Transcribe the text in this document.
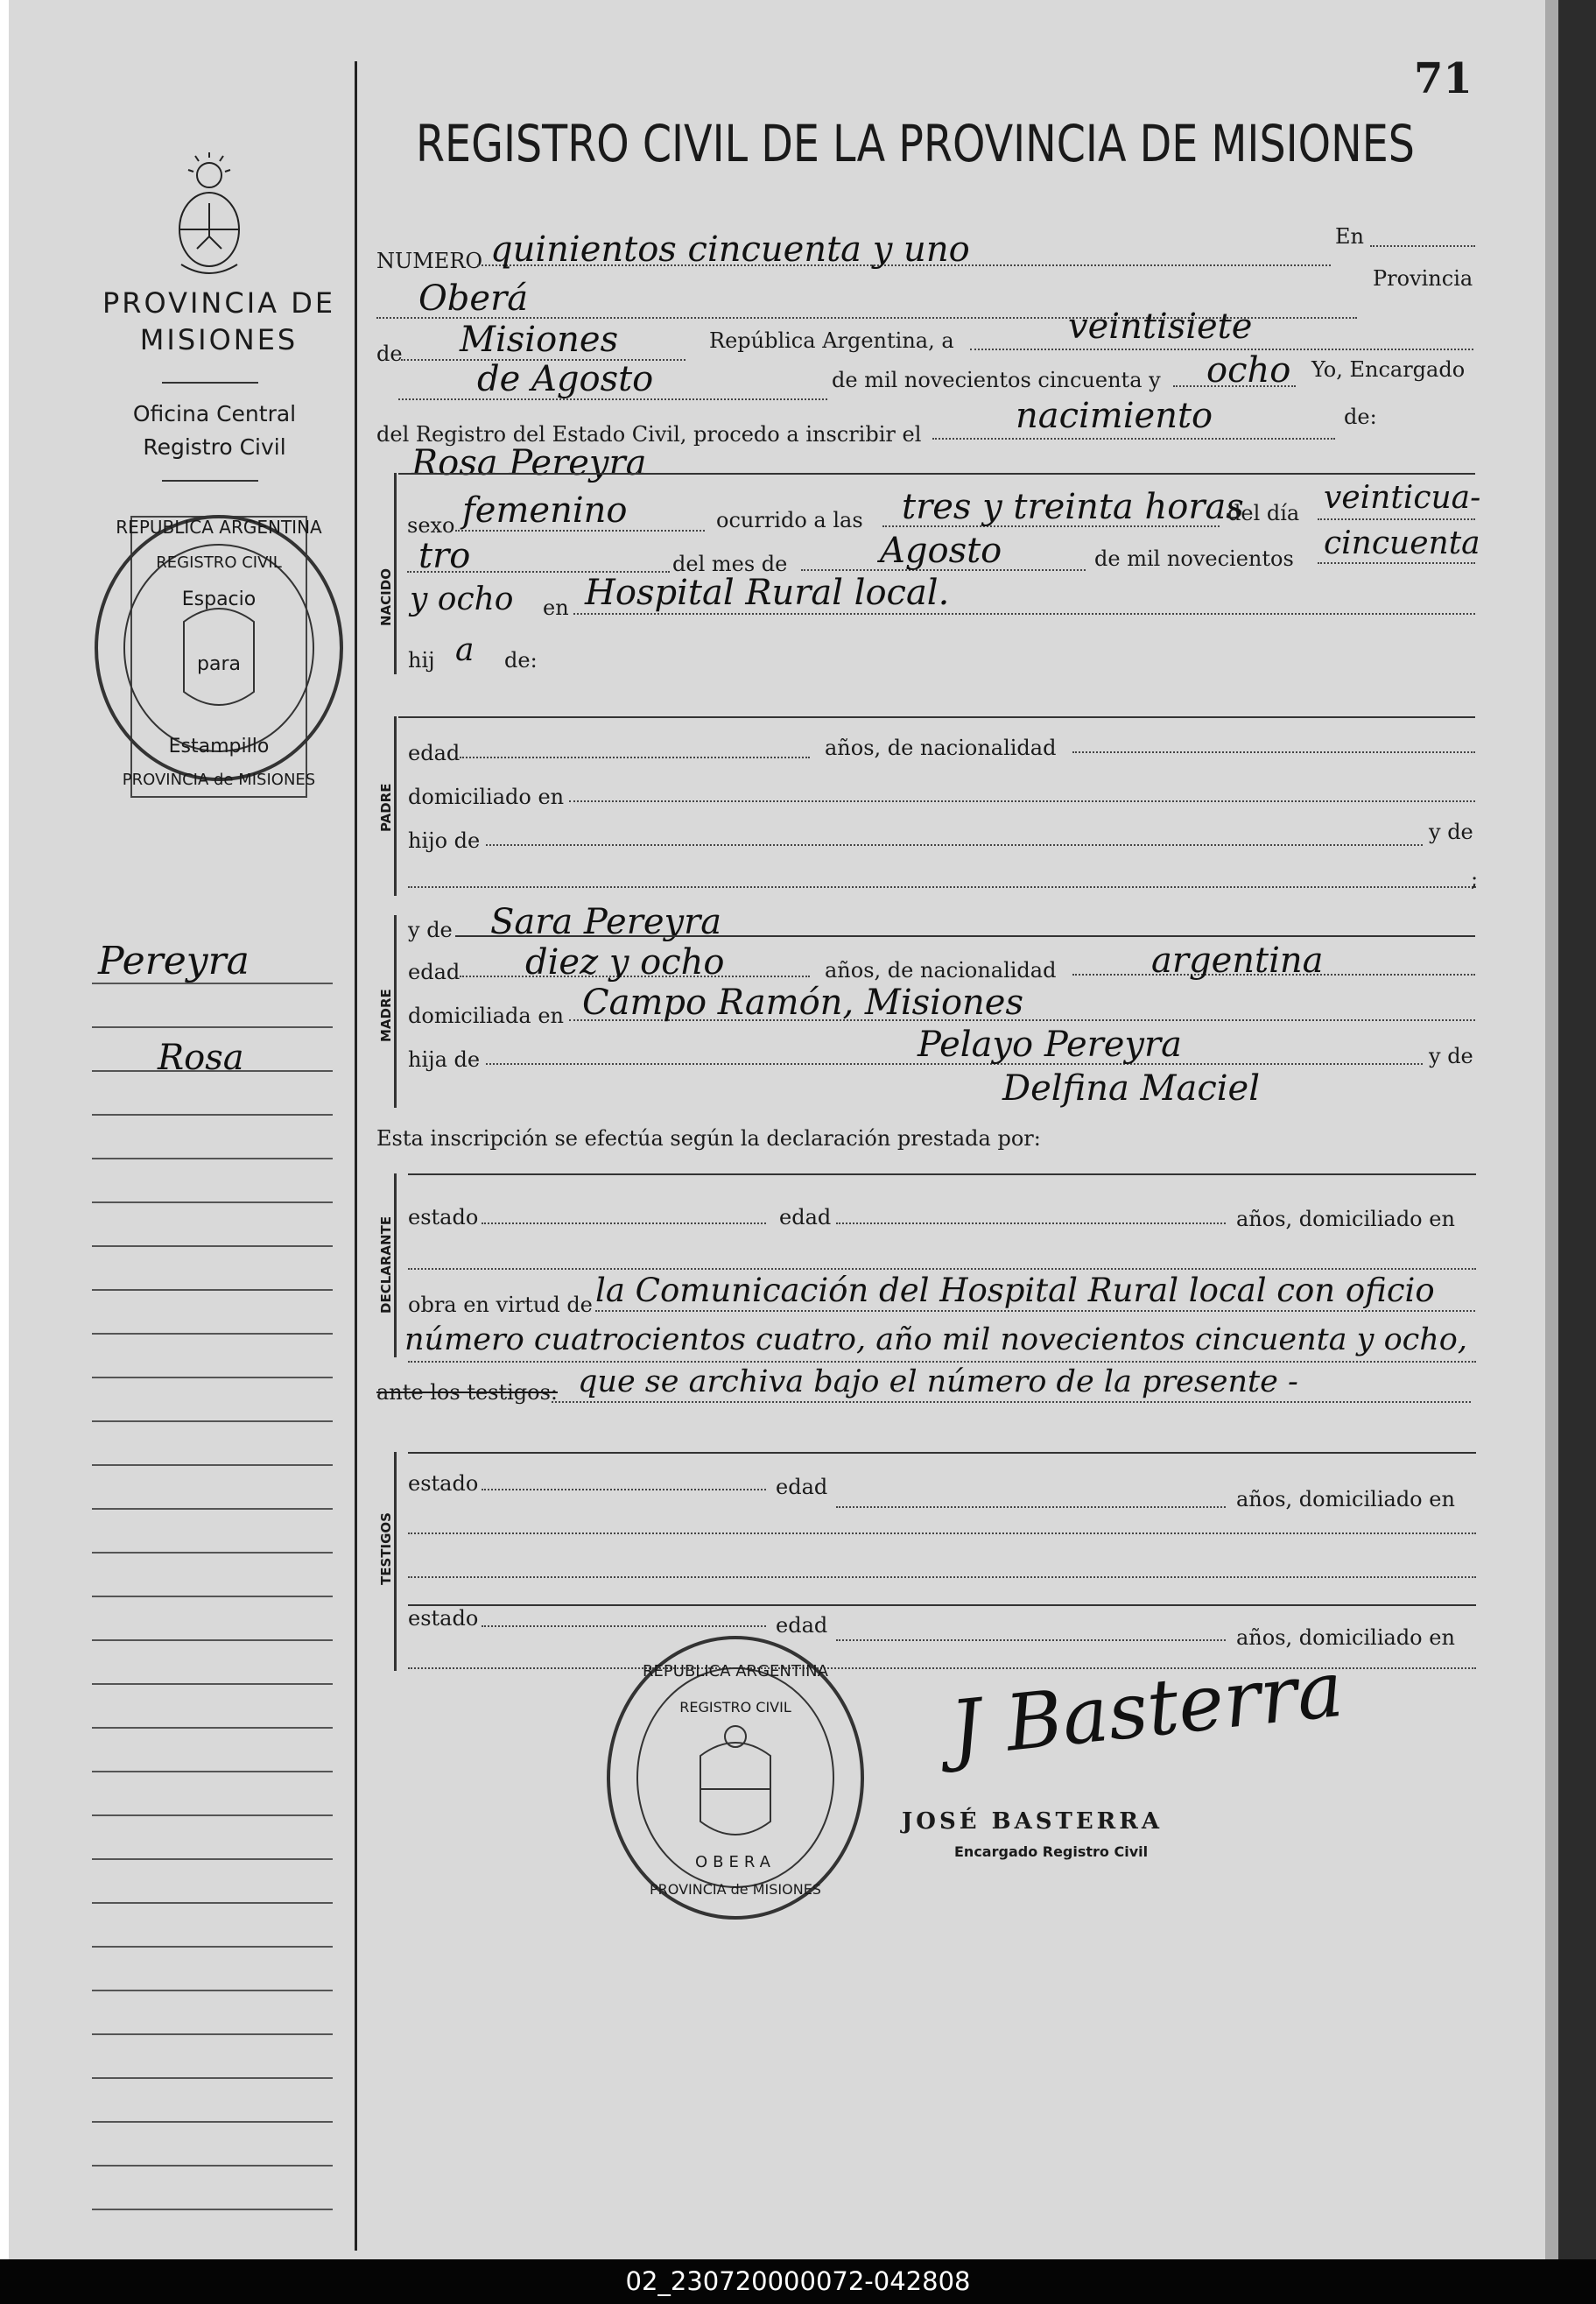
71
PROVINCIA DE MISIONES
Oficina Central
Registro Civil
REPUBLICA ARGENTINA
REGISTRO CIVIL
Espacio
para
Estampillo
PROVINCIA de MISIONES
Pereyra
Rosa
REGISTRO CIVIL DE LA PROVINCIA DE MISIONES
NUMERO quinientos cincuenta y uno	En
Oberá	Provincia
de Misiones	República Argentina, a	veintisiete
de Agosto	de mil novecientos cincuenta y ocho Yo, Encargado
del Registro del Estado Civil, procedo a inscribir el	nacimiento	de:
Rosa Pereyra
NACIDO
sexo femenino	ocurrido a las tres y treinta horas
del día veinticua-
tro	del mes de	Agosto	de mil novecientos cincuenta
y ocho en Hospital Rural local.
hij a de:
PADRE
edad	años, de nacionalidad
domiciliado en
hijo de	y de
;
y de Sara Pereyra
MADRE
edad diez y ocho	años, de nacionalidad	argentina
domiciliada en Campo Ramón, Misiones
hija de	Pelayo Pereyra	y de
Delfina Maciel
Esta inscripción se efectúa según la declaración prestada por:
DECLARANTE estado	edad	años, domiciliado en
obra en virtud de la Comunicación del Hospital Rural local con oficio
número cuatrocientos cuatro, año mil novecientos cincuenta y ocho,
ante los testigos: que se archiva bajo el número de la presente -
TESTIGOS
estado	edad	años, domiciliado en
estado	edad	años, domiciliado en
REPUBLICA ARGENTINA
REGISTRO CIVIL
OBERA
PROVINCIA de MISIONES
J Basterra
JOSÉ BASTERRA
Encargado Registro Civil
02_230720000072-042808
